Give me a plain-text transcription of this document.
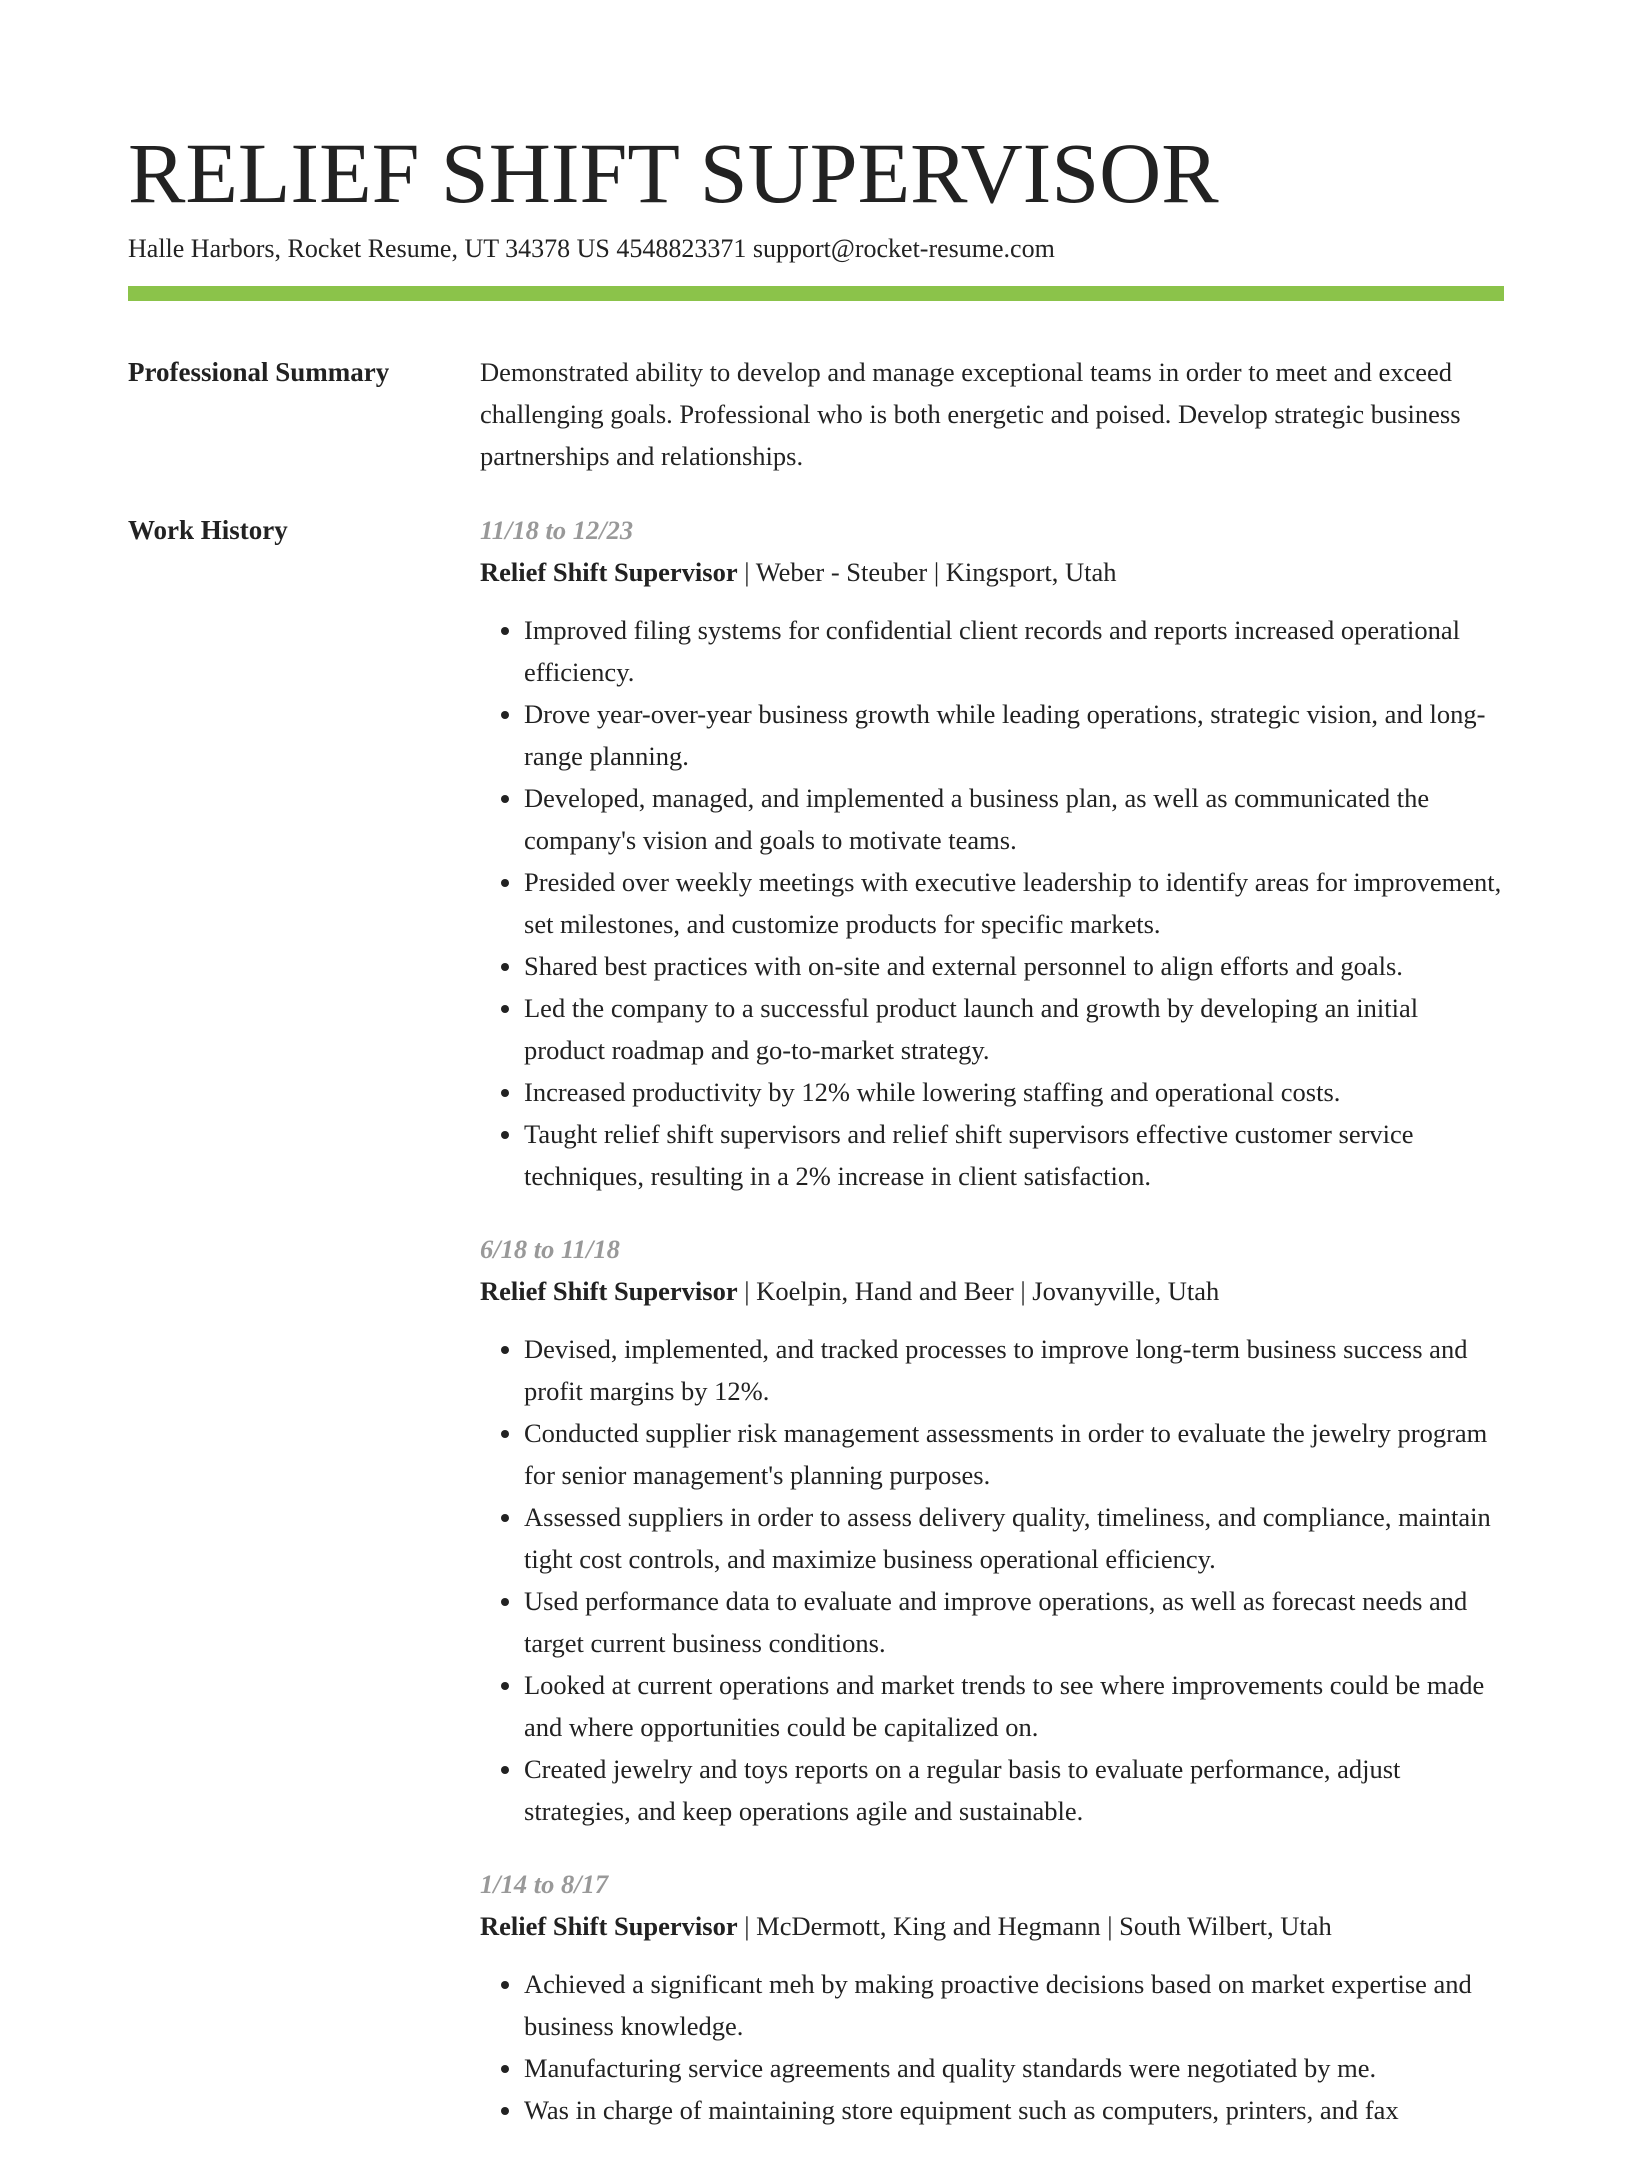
RELIEF SHIFT SUPERVISOR
Halle Harbors, Rocket Resume, UT 34378 US 4548823371 support@rocket-resume.com
Professional Summary	Demonstrated ability to develop and manage exceptional teams in order to meet and exceed challenging goals. Professional who is both energetic and poised. Develop strategic business partnerships and relationships.

Work History	11/18 to 12/23
Relief Shift Supervisor | Weber - Steuber | Kingsport, Utah
• Improved filing systems for confidential client records and reports increased operational efficiency.
• Drove year-over-year business growth while leading operations, strategic vision, and long-range planning.
• Developed, managed, and implemented a business plan, as well as communicated the company's vision and goals to motivate teams.
• Presided over weekly meetings with executive leadership to identify areas for improvement, set milestones, and customize products for specific markets.
• Shared best practices with on-site and external personnel to align efforts and goals.
• Led the company to a successful product launch and growth by developing an initial product roadmap and go-to-market strategy.
• Increased productivity by 12% while lowering staffing and operational costs.
• Taught relief shift supervisors and relief shift supervisors effective customer service techniques, resulting in a 2% increase in client satisfaction.
6/18 to 11/18
Relief Shift Supervisor | Koelpin, Hand and Beer | Jovanyville, Utah
• Devised, implemented, and tracked processes to improve long-term business success and profit margins by 12%.
• Conducted supplier risk management assessments in order to evaluate the jewelry program for senior management's planning purposes.
• Assessed suppliers in order to assess delivery quality, timeliness, and compliance, maintain tight cost controls, and maximize business operational efficiency.
• Used performance data to evaluate and improve operations, as well as forecast needs and target current business conditions.
• Looked at current operations and market trends to see where improvements could be made and where opportunities could be capitalized on.
• Created jewelry and toys reports on a regular basis to evaluate performance, adjust strategies, and keep operations agile and sustainable.
1/14 to 8/17
Relief Shift Supervisor | McDermott, King and Hegmann | South Wilbert, Utah
• Achieved a significant meh by making proactive decisions based on market expertise and business knowledge.
• Manufacturing service agreements and quality standards were negotiated by me.
• Was in charge of maintaining store equipment such as computers, printers, and fax
